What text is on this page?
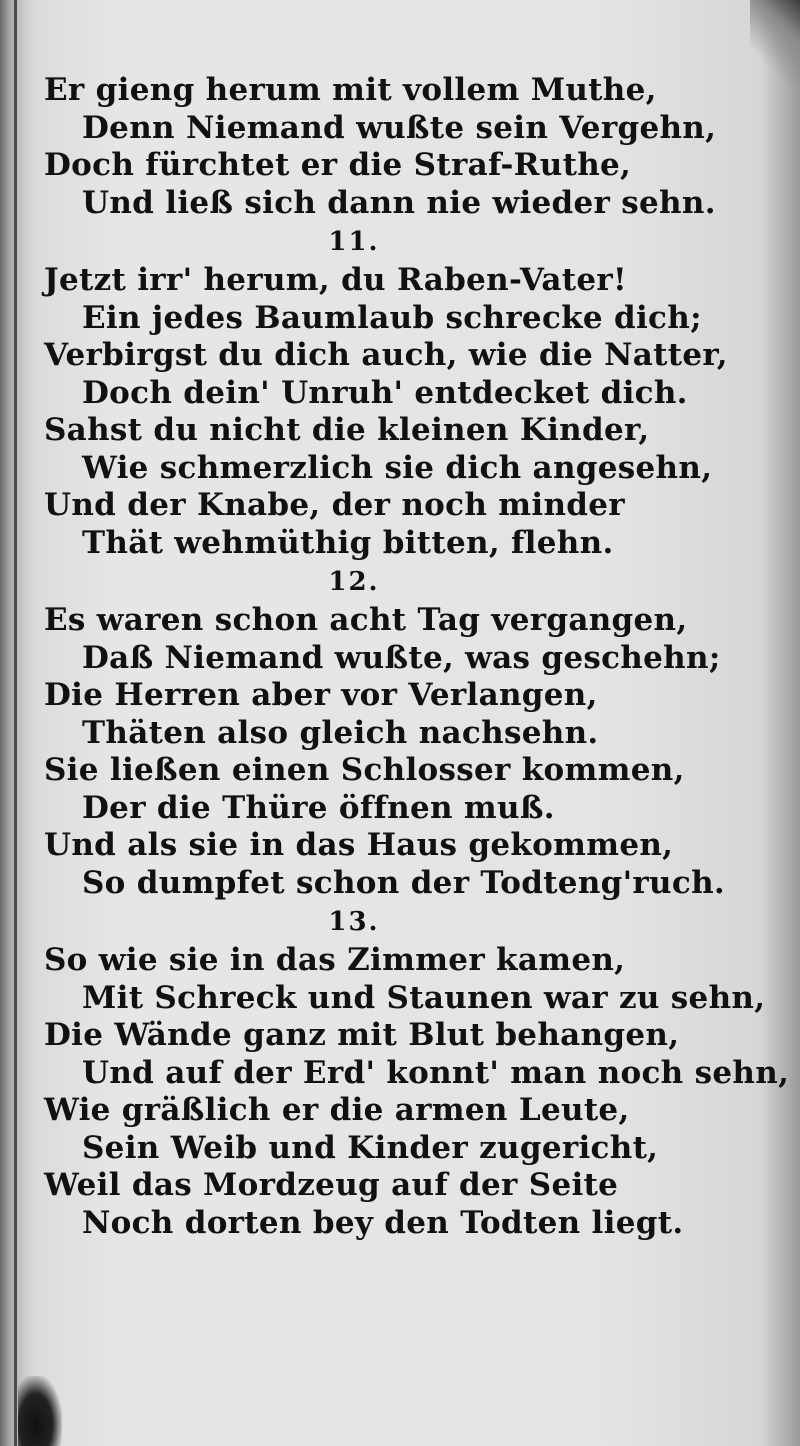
Er gieng herum mit vollem Muthe,
Denn Niemand wußte sein Vergehn,
Doch fürchtet er die Straf-Ruthe,
Und ließ sich dann nie wieder sehn.
11.
Jetzt irr' herum, du Raben-Vater!
Ein jedes Baumlaub schrecke dich;
Verbirgst du dich auch, wie die Natter,
Doch dein' Unruh' entdecket dich.
Sahst du nicht die kleinen Kinder,
Wie schmerzlich sie dich angesehn,
Und der Knabe, der noch minder
Thät wehmüthig bitten, flehn.
12.
Es waren schon acht Tag vergangen,
Daß Niemand wußte, was geschehn;
Die Herren aber vor Verlangen,
Thäten also gleich nachsehn.
Sie ließen einen Schlosser kommen,
Der die Thüre öffnen muß.
Und als sie in das Haus gekommen,
So dumpfet schon der Todteng'ruch.
13.
So wie sie in das Zimmer kamen,
Mit Schreck und Staunen war zu sehn,
Die Wände ganz mit Blut behangen,
Und auf der Erd' konnt' man noch sehn,
Wie gräßlich er die armen Leute,
Sein Weib und Kinder zugericht,
Weil das Mordzeug auf der Seite
Noch dorten bey den Todten liegt.
